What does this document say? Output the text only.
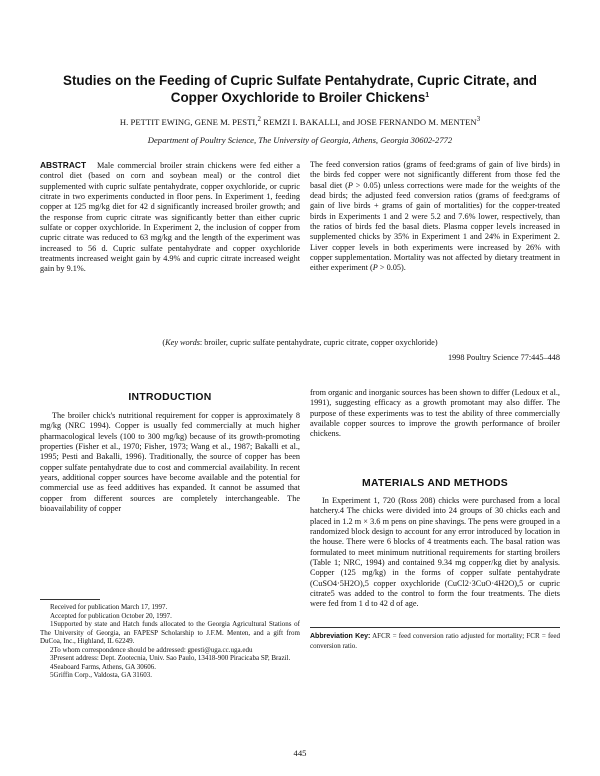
Studies on the Feeding of Cupric Sulfate Pentahydrate, Cupric Citrate, and
Copper Oxychloride to Broiler Chickens$^1$
H. PETTIT EWING, GENE M. PESTI,$^2$ REMZI I. BAKALLI, and JOSE FERNANDO M. MENTEN$^3$
Department of Poultry Science, The University of Georgia, Athens, Georgia 30602-2772
ABSTRACT Male commercial broiler strain chickens were fed either a control diet (based on corn and soybean meal) or the control diet supplemented with cupric sulfate pentahydrate, copper oxychloride, or cupric citrate in two experiments conducted in floor pens. In Experiment 1, feeding copper at 125 mg/kg diet for 42 d significantly increased broiler growth; and the response from cupric citrate was significantly better than either cupric sulfate or copper oxychloride. In Experiment 2, the inclusion of copper from cupric citrate was reduced to 63 mg/kg and the length of the experiment was increased to 56 d. Cupric sulfate pentahydrate and copper oxychloride treatments increased weight gain by 4.9% and cupric citrate increased weight gain by 9.1%.
The feed conversion ratios (grams of feed:grams of gain of live birds) in the birds fed copper were not significantly different from those fed the basal diet (P > 0.05) unless corrections were made for the weights of the dead birds; the adjusted feed conversion ratios (grams of feed:grams of gain of live birds + grams of gain of mortalities) for the copper-treated birds in Experiments 1 and 2 were 5.2 and 7.6% lower, respectively, than the ratios of birds fed the basal diets. Plasma copper levels increased in supplemented chicks by 35% in Experiment 1 and 24% in Experiment 2. Liver copper levels in both experiments were increased by 26% with copper supplementation. Mortality was not affected by dietary treatment in either experiment (P > 0.05).
(Key words: broiler, cupric sulfate pentahydrate, cupric citrate, copper oxychloride)
1998 Poultry Science 77:445–448
INTRODUCTION

The broiler chick's nutritional requirement for copper is approximately 8 mg/kg (NRC 1994). Copper is usually fed commercially at much higher pharmacological levels (100 to 300 mg/kg) because of its growth-promoting properties (Fisher et al., 1970; Fisher, 1973; Wang et al., 1987; Bakalli et al., 1995; Pesti and Bakalli, 1996). Traditionally, the source of copper has been copper sulfate pentahydrate due to cost and commercial availability. In recent years, additional copper sources have become available and the potential for commercial use as feed additives has expanded. It cannot be assumed that copper from different sources are completely interchangeable. The bioavailability of copper

from organic and inorganic sources has been shown to differ (Ledoux et al., 1991), suggesting efficacy as a growth promotant may also differ. The purpose of these experiments was to test the ability of three commercially available copper sources to improve the growth performance of broiler chickens.

MATERIALS AND METHODS

In Experiment 1, 720 (Ross 208) chicks were purchased from a local hatchery.4 The chicks were divided into 24 groups of 30 chicks each and placed in 1.2 m × 3.6 m pens on pine shavings. The pens were grouped in a randomized block design to account for any error introduced by location in the house. There were 6 blocks of 4 treatments each. The basal ration was formulated to meet minimum nutritional requirements for starting broilers (Table 1; NRC, 1994) and contained 9.34 mg copper/kg diet by analysis. Copper (125 mg/kg) in the forms of copper sulfate pentahydrate (CuSO4·5H2O),5 copper oxychloride (CuCl2·3CuO·4H2O),5 or cupric citrate5 was added to the control to form the four treatments. The diets were fed from 1 d to 42 d of age.

Received for publication March 17, 1997.
Accepted for publication October 20, 1997.
1Supported by state and Hatch funds allocated to the Georgia Agricultural Stations of The University of Georgia, an FAPESP Scholarship to J.F.M. Menten, and a gift from DuCoa, Inc., Highland, IL 62249.
2To whom correspondence should be addressed: gpesti@uga.cc.uga.edu
3Present address: Dept. Zootecnia, Univ. Sao Paulo, 13418-900 Piracicaba SP, Brazil.
4Seaboard Farms, Athens, GA 30606.
5Griffin Corp., Valdosta, GA 31603.
Abbreviation Key: AFCR = feed conversion ratio adjusted for mortality; FCR = feed conversion ratio.
445
